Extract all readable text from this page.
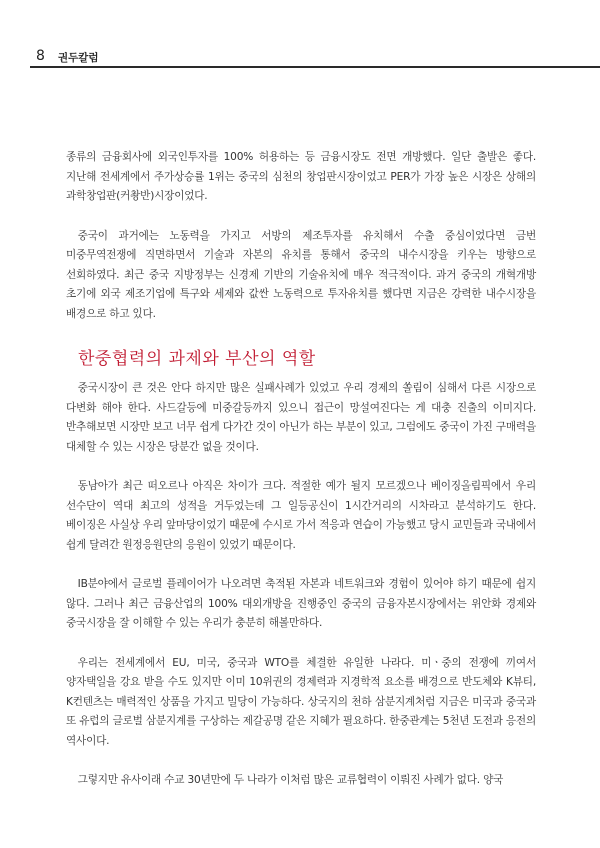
8 권두칼럼

종류의 금융회사에 외국인투자를 100% 허용하는 등 금융시장도 전면 개방했다. 일단 출발은 좋다. 지난해 전세계에서 주가상승률 1위는 중국의 심천의 창업판시장이었고 PER가 가장 높은 시장은 상해의 과학창업판(커촹반)시장이었다.

중국이 과거에는 노동력을 가지고 서방의 제조투자를 유치해서 수출 중심이었다면 금번 미중무역전쟁에 직면하면서 기술과 자본의 유치를 통해서 중국의 내수시장을 키우는 방향으로 선회하였다. 최근 중국 지방정부는 신경제 기반의 기술유치에 매우 적극적이다. 과거 중국의 개혁개방 초기에 외국 제조기업에 특구와 세제와 값싼 노동력으로 투자유치를 했다면 지금은 강력한 내수시장을 배경으로 하고 있다.

한중협력의 과제와 부산의 역할

중국시장이 큰 것은 안다 하지만 많은 실패사례가 있었고 우리 경제의 쏠림이 심해서 다른 시장으로 다변화 해야 한다. 사드갈등에 미중갈등까지 있으니 접근이 망설여진다는 게 대충 진출의 이미지다. 반추해보면 시장만 보고 너무 쉽게 다가간 것이 아닌가 하는 부분이 있고, 그럼에도 중국이 가진 구매력을 대체할 수 있는 시장은 당분간 없을 것이다.

동남아가 최근 떠오르나 아직은 차이가 크다. 적절한 예가 될지 모르겠으나 베이징올림픽에서 우리 선수단이 역대 최고의 성적을 거두었는데 그 일등공신이 1시간거리의 시차라고 분석하기도 한다. 베이징은 사실상 우리 앞마당이었기 때문에 수시로 가서 적응과 연습이 가능했고 당시 교민들과 국내에서 쉽게 달려간 원정응원단의 응원이 있었기 때문이다.

IB분야에서 글로벌 플레이어가 나오려면 축적된 자본과 네트워크와 경험이 있어야 하기 때문에 쉽지 않다. 그러나 최근 금융산업의 100% 대외개방을 진행중인 중국의 금융자본시장에서는 위안화 경제와 중국시장을 잘 이해할 수 있는 우리가 충분히 해볼만하다.

우리는 전세계에서 EU, 미국, 중국과 WTO를 체결한 유일한 나라다. 미ㆍ중의 전쟁에 끼여서 양자택일을 강요 받을 수도 있지만 이미 10위권의 경제력과 지경학적 요소를 배경으로 반도체와 K뷰티, K컨텐츠는 매력적인 상품을 가지고 밀당이 가능하다. 상국지의 천하 삼분지계처럼 지금은 미국과 중국과 또 유럽의 글로벌 삼분지계를 구상하는 제갈공명 같은 지혜가 필요하다. 한중관계는 5천년 도전과 응전의 역사이다.

그렇지만 유사이래 수교 30년만에 두 나라가 이처럼 많은 교류협력이 이뤄진 사례가 없다. 양국
